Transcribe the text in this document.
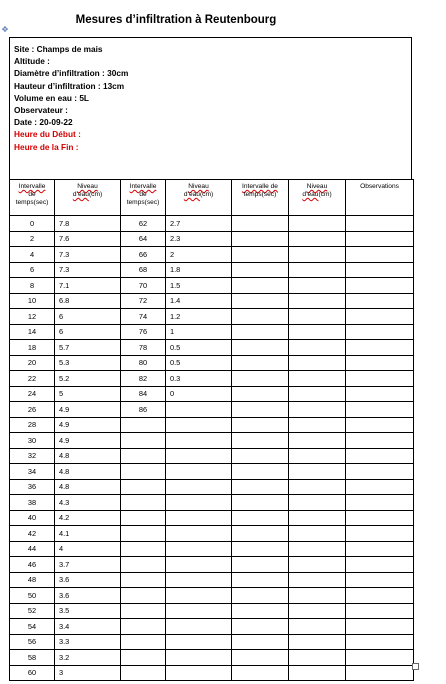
✥
Mesures d’infiltration à Reutenbourg
Site : Champs de mais
Altitude :
Diamètre d’infiltration : 30cm
Hauteur d’infiltration : 13cm
Volume en eau : 5L
Observateur :
Date : 20-09-22
Heure du Début :
Heure de la Fin :
Intervalle
de
temps(sec)	Niveau
d’eau(cm)	Intervalle
de
temps(sec)	Niveau
d’eau(cm)	Intervalle de
temps(sec)	Niveau
d’eau(cm)	Observations
0	7.8	62	2.7			
2	7.6	64	2.3			
4	7.3	66	2			
6	7.3	68	1.8			
8	7.1	70	1.5			
10	6.8	72	1.4			
12	6	74	1.2			
14	6	76	1			
18	5.7	78	0.5			
20	5.3	80	0.5			
22	5.2	82	0.3			
24	5	84	0			
26	4.9	86				
28	4.9					
30	4.9					
32	4.8					
34	4.8					
36	4.8					
38	4.3					
40	4.2					
42	4.1					
44	4					
46	3.7					
48	3.6					
50	3.6					
52	3.5					
54	3.4					
56	3.3					
58	3.2					
60	3					
